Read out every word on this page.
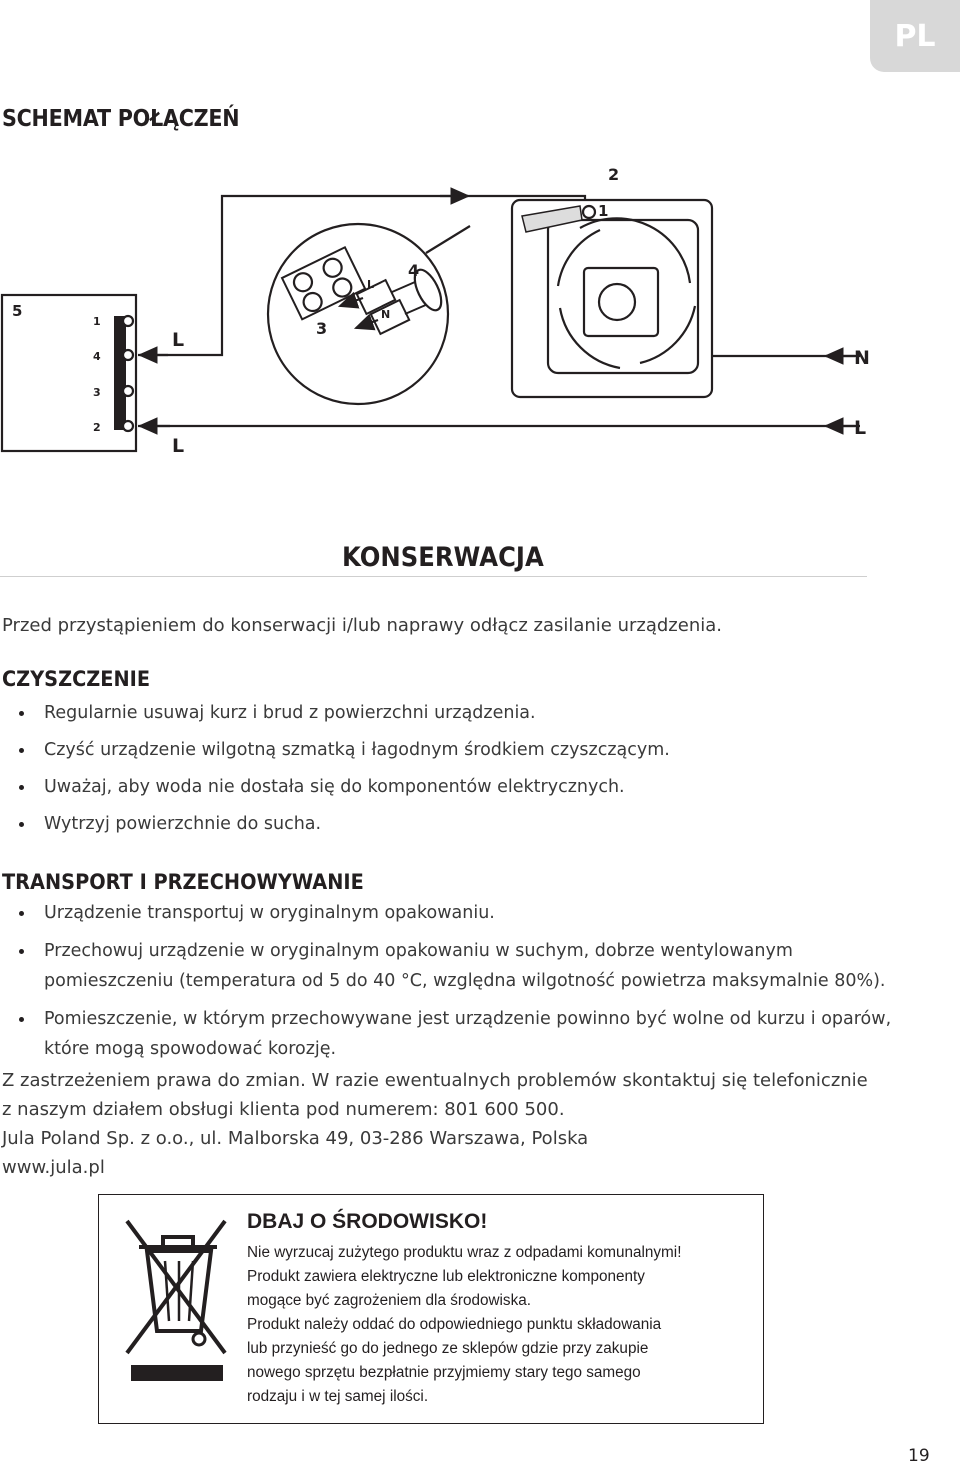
PL
SCHEMAT POŁĄCZEŃ
5
1
4
3
2
L
L
2
1
4
3
L
N
N
L
KONSERWACJA
Przed przystąpieniem do konserwacji i/lub naprawy odłącz zasilanie urządzenia.
CZYSZCZENIE
Regularnie usuwaj kurz i brud z powierzchni urządzenia.
Czyść urządzenie wilgotną szmatką i łagodnym środkiem czyszczącym.
Uważaj, aby woda nie dostała się do komponentów elektrycznych.
Wytrzyj powierzchnie do sucha.
TRANSPORT I PRZECHOWYWANIE
Urządzenie transportuj w oryginalnym opakowaniu.
Przechowuj urządzenie w oryginalnym opakowaniu w suchym, dobrze wentylowanym
pomieszczeniu (temperatura od 5 do 40 °C, względna wilgotność powietrza maksymalnie 80%).
Pomieszczenie, w którym przechowywane jest urządzenie powinno być wolne od kurzu i oparów,
które mogą spowodować korozję.
Z zastrzeżeniem prawa do zmian. W razie ewentualnych problemów skontaktuj się telefonicznie
z naszym działem obsługi klienta pod numerem: 801 600 500.
Jula Poland Sp. z o.o., ul. Malborska 49, 03-286 Warszawa, Polska
www.jula.pl
DBAJ O ŚRODOWISKO!
Nie wyrzucaj zużytego produktu wraz z odpadami komunalnymi!
Produkt zawiera elektryczne lub elektroniczne komponenty
mogące być zagrożeniem dla środowiska.
Produkt należy oddać do odpowiedniego punktu składowania
lub przynieść go do jednego ze sklepów gdzie przy zakupie
nowego sprzętu bezpłatnie przyjmiemy stary tego samego
rodzaju i w tej samej ilości.
19
